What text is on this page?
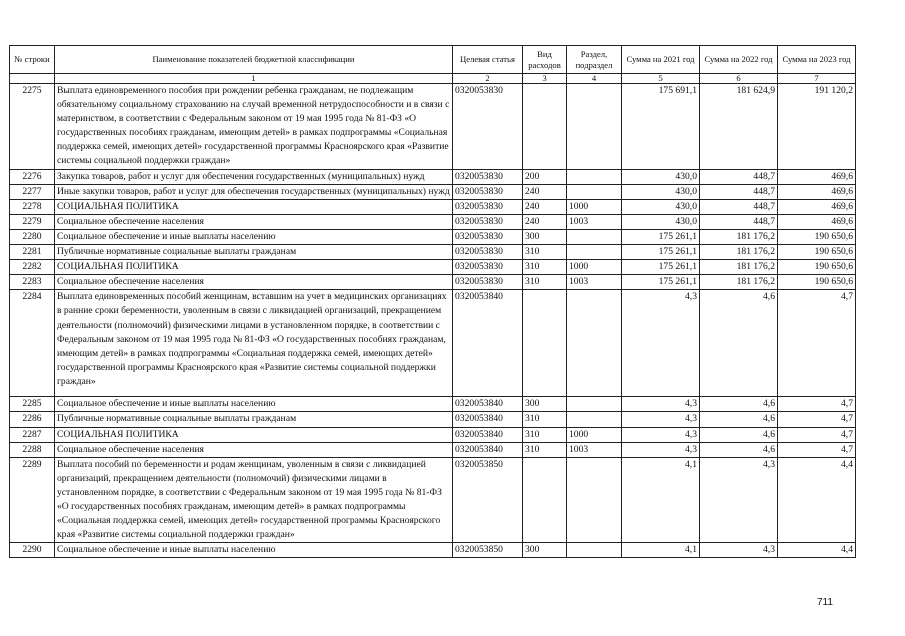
№ строки	Паименование показателей бюджетной классификации	Целевая статья	Вид расходов	Раздел, подраздел	Сумма на 2021 год	Сумма на 2022 год	Сумма на 2023 год
	1	2	3	4	5	6	7
2275	Выплата единовременного пособия при рождении ребенка гражданам, не подлежащим обязательному социальному страхованию на случай временной нетрудоспособности и в связи с материнством, в соответствии с Федеральным законом от 19 мая 1995 года № 81-ФЗ «О государственных пособиях гражданам, имеющим детей» в рамках подпрограммы «Социальная поддержка семей, имеющих детей» государственной программы Красноярского края «Развитие системы социальной поддержки граждан»	0320053830			175 691,1	181 624,9	191 120,2
2276	Закупка товаров, работ и услуг для обеспечения государственных (муниципальных) нужд	0320053830	200		430,0	448,7	469,6
2277	Иные закупки товаров, работ и услуг для обеспечения государственных (муниципальных) нужд	0320053830	240		430,0	448,7	469,6
2278	СОЦИАЛЬНАЯ ПОЛИТИКА	0320053830	240	1000	430,0	448,7	469,6
2279	Социальное обеспечение населения	0320053830	240	1003	430,0	448,7	469,6
2280	Социальное обеспечение и иные выплаты населению	0320053830	300		175 261,1	181 176,2	190 650,6
2281	Публичные нормативные социальные выплаты гражданам	0320053830	310		175 261,1	181 176,2	190 650,6
2282	СОЦИАЛЬНАЯ ПОЛИТИКА	0320053830	310	1000	175 261,1	181 176,2	190 650,6
2283	Социальное обеспечение населения	0320053830	310	1003	175 261,1	181 176,2	190 650,6
2284	Выплата единовременных пособий женщинам, вставшим на учет в медицинских организациях в ранние сроки беременности, уволенным в связи с ликвидацией организаций, прекращением деятельности (полномочий) физическими лицами в установленном порядке, в соответствии с Федеральным законом от 19 мая 1995 года № 81-ФЗ «О государственных пособиях гражданам, имеющим детей» в рамках подпрограммы «Социальная поддержка семей, имеющих детей» государственной программы Красноярского края «Развитие системы социальной поддержки граждан»	0320053840			4,3	4,6	4,7
2285	Социальное обеспечение и иные выплаты населению	0320053840	300		4,3	4,6	4,7
2286	Публичные нормативные социальные выплаты гражданам	0320053840	310		4,3	4,6	4,7
2287	СОЦИАЛЬНАЯ ПОЛИТИКА	0320053840	310	1000	4,3	4,6	4,7
2288	Социальное обеспечение населения	0320053840	310	1003	4,3	4,6	4,7
2289	Выплата пособий по беременности и родам женщинам, уволенным в связи с ликвидацией организаций, прекращением деятельности (полномочий) физическими лицами в установленном порядке, в соответствии с Федеральным законом от 19 мая 1995 года № 81-ФЗ «О государственных пособиях гражданам, имеющим детей» в рамках подпрограммы «Социальная поддержка семей, имеющих детей» государственной программы Красноярского края «Развитие системы социальной поддержки граждан»	0320053850			4,1	4,3	4,4
2290	Социальное обеспечение и иные выплаты населению	0320053850	300		4,1	4,3	4,4
711
